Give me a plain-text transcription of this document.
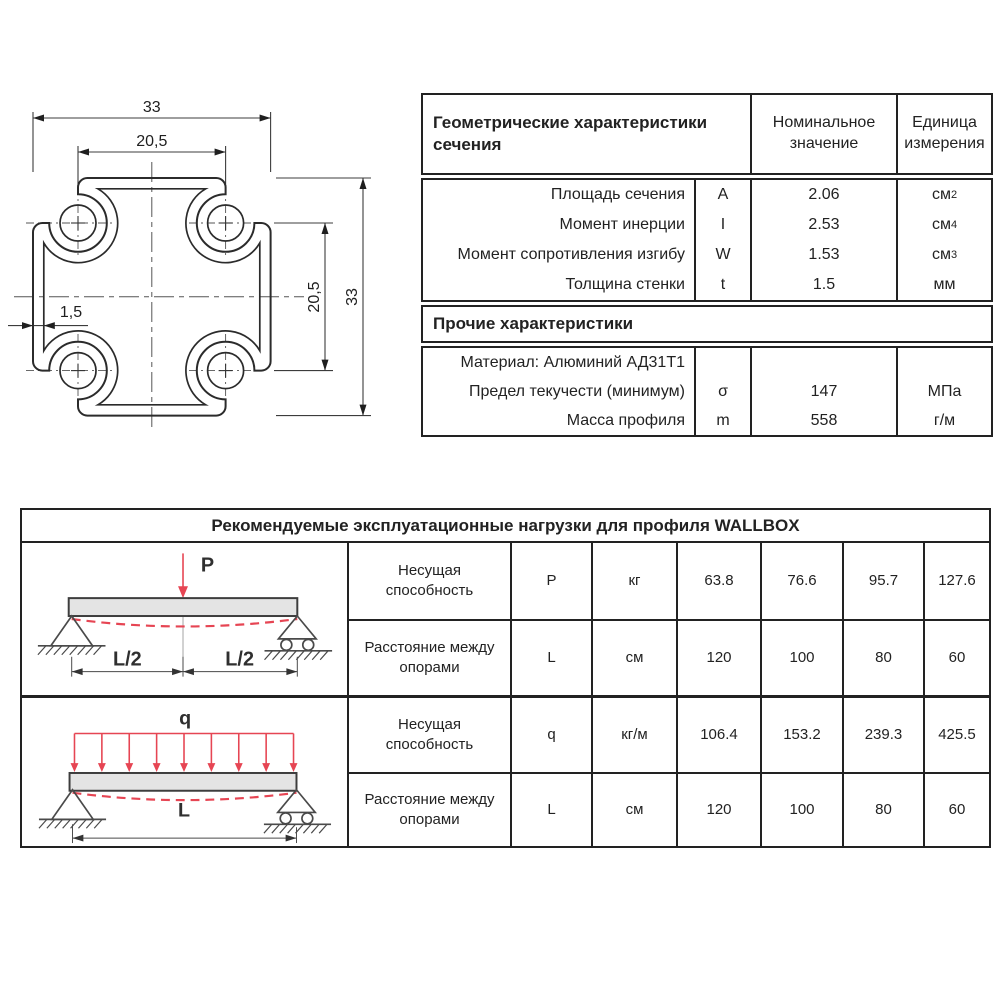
33
20,5
1,5	20,5 33
Геометрические характеристики сечения
Номинальное значение
Единица измерения
Площадь сечения	A	2.06	см 2
Момент инерции	I	2.53	см 4
Момент сопротивления изгибу	W	1.53	см 3
Толщина стенки	t	1.5	мм
Прочие характеристики
Материал: Алюминий АД31Т1
Предел текучести (минимум)	σ	147	МПа
Масса профиля	m	558	г/м
Рекомендуемые эксплуатационные нагрузки для профиля WALLBOX
P
L/2	L/2
Несущая способность
P	кг	63.8	76.6	95.7	127.6
Расстояние между опорами
L	см	120	100	80	60
q
L
Несущая способность
q	кг/м	106.4	153.2	239.3	425.5
Расстояние между опорами
L	см	120	100	80	60
